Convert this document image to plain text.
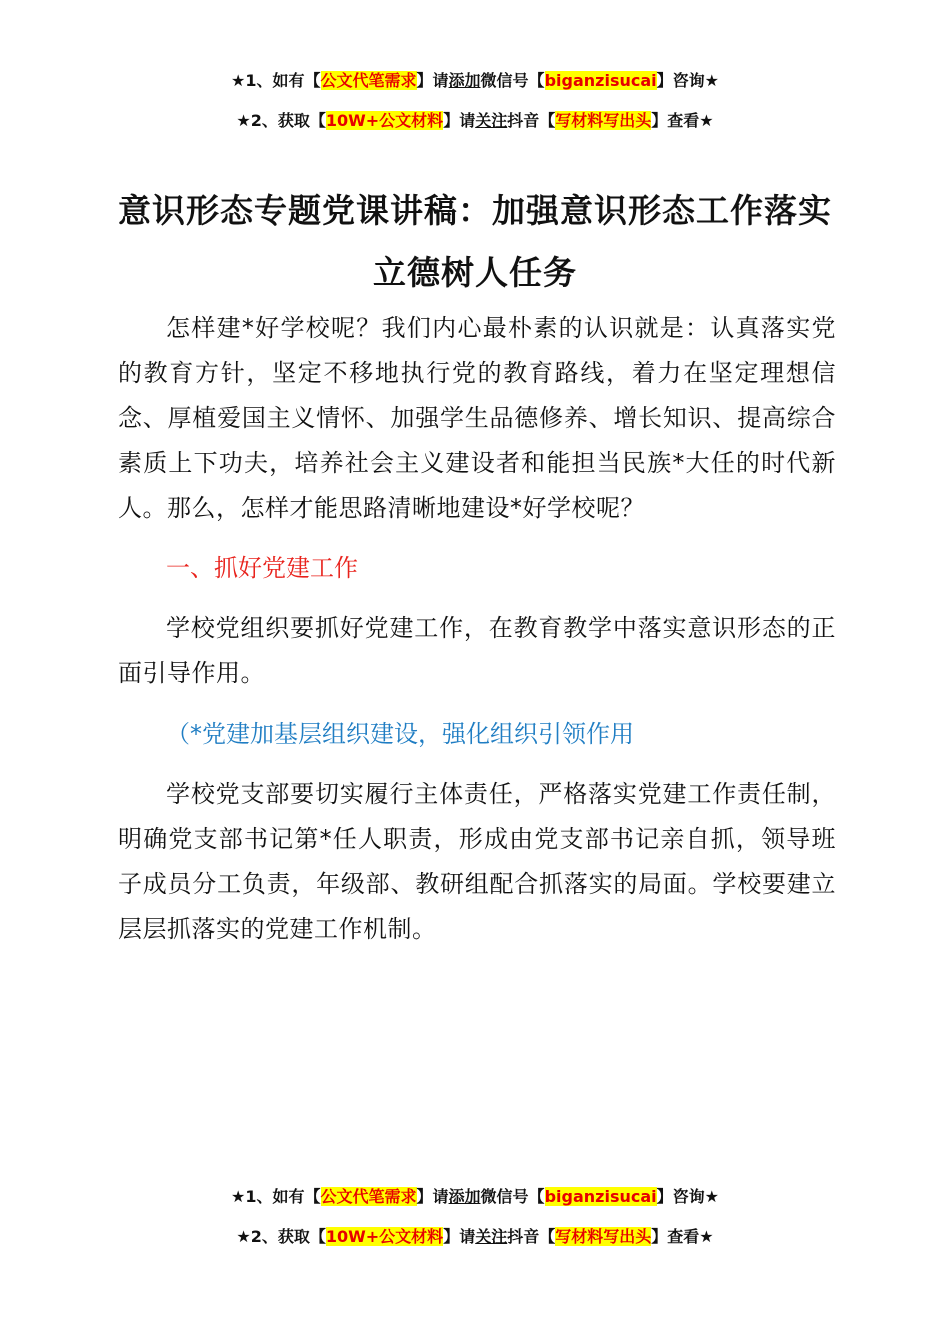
★1、如有【公文代笔需求】请添加微信号【biganzisucai】咨询★
★2、获取【10W+公文材料】请关注抖音【写材料写出头】查看★
意识形态专题党课讲稿：加强意识形态工作落实立德树人任务
怎样建*好学校呢？我们内心最朴素的认识就是：认真落实党的教育方针，坚定不移地执行党的教育路线，着力在坚定理想信念、厚植爱国主义情怀、加强学生品德修养、增长知识、提高综合素质上下功夫，培养社会主义建设者和能担当民族*大任的时代新人。那么，怎样才能思路清晰地建设*好学校呢？
一、抓好党建工作
学校党组织要抓好党建工作，在教育教学中落实意识形态的正面引导作用。
（*党建加基层组织建设，强化组织引领作用
学校党支部要切实履行主体责任，严格落实党建工作责任制，明确党支部书记第*任人职责，形成由党支部书记亲自抓，领导班子成员分工负责，年级部、教研组配合抓落实的局面。学校要建立层层抓落实的党建工作机制。
★1、如有【公文代笔需求】请添加微信号【biganzisucai】咨询★
★2、获取【10W+公文材料】请关注抖音【写材料写出头】查看★
